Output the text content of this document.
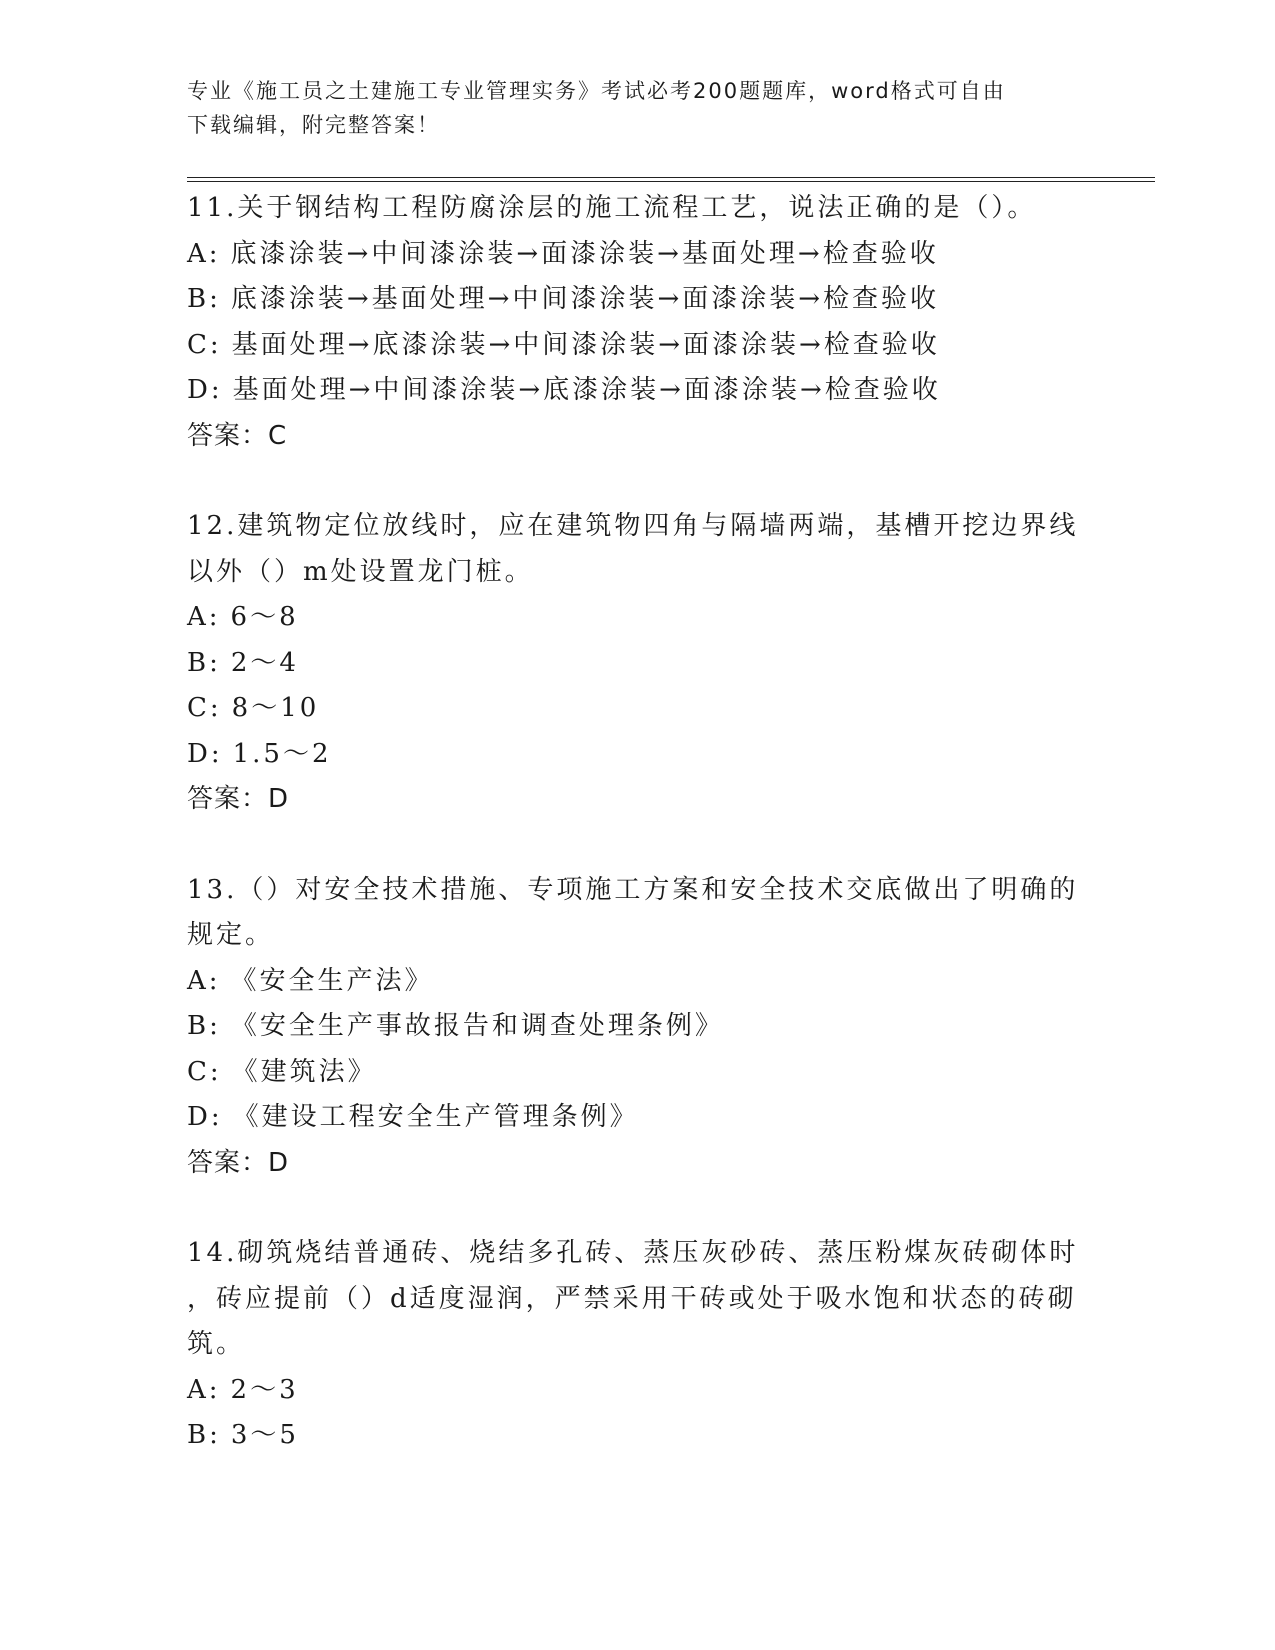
专业《施工员之土建施工专业管理实务》考试必考200题题库，word格式可自由
下载编辑，附完整答案！

11.关于钢结构工程防腐涂层的施工流程工艺，说法正确的是（）。

A: 底漆涂装→中间漆涂装→面漆涂装→基面处理→检查验收

B: 底漆涂装→基面处理→中间漆涂装→面漆涂装→检查验收

C: 基面处理→底漆涂装→中间漆涂装→面漆涂装→检查验收

D: 基面处理→中间漆涂装→底漆涂装→面漆涂装→检查验收

答案：C

12.建筑物定位放线时，应在建筑物四角与隔墙两端，基槽开挖边界线

以外（）m处设置龙门桩。

A: 6～8

B: 2～4

C: 8～10

D: 1.5～2

答案：D

13.（）对安全技术措施、专项施工方案和安全技术交底做出了明确的

规定。

A: 《安全生产法》

B: 《安全生产事故报告和调查处理条例》

C: 《建筑法》

D: 《建设工程安全生产管理条例》

答案：D

14.砌筑烧结普通砖、烧结多孔砖、蒸压灰砂砖、蒸压粉煤灰砖砌体时

，砖应提前（）d适度湿润，严禁采用干砖或处于吸水饱和状态的砖砌

筑。

A: 2～3

B: 3～5
